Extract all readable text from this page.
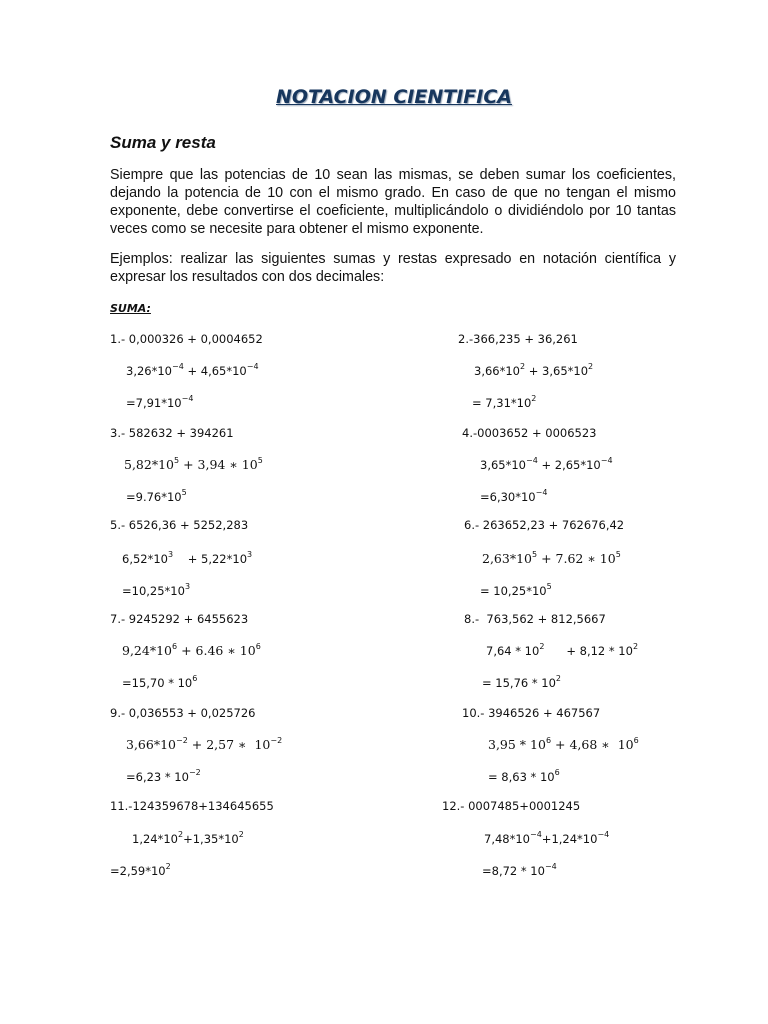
NOTACION CIENTIFICA
Suma y resta

Siempre que las potencias de 10 sean las mismas, se deben sumar los coeficientes, dejando la potencia de 10 con el mismo grado. En caso de que no tengan el mismo exponente, debe convertirse el coeficiente, multiplicándolo o dividiéndolo por 10 tantas veces como se necesite para obtener el mismo exponente.

Ejemplos: realizar las siguientes sumas y restas expresado en notación científica y expresar los resultados con dos decimales:

SUMA:
1.- 0,000326 + 0,0004652
$3,26*10^{-4} + 4,65*10^{-4}$
$=7,91*10^{-4}$
2.-366,235 + 36,261
$3,66*10^2 + 3,65*10^2$
= $7,31*10^2$
3.- 582632 + 394261
$5,82*10^5 + 3,94$ ∗ $10^5$
$=9.76*10^5$
4.-0003652 + 0006523
$3,65*10^{-4} + 2,65*10^{-4}$
$=6,30*10^{-4}$
5.- 6526,36 + 5252,283
$6,52*10^3$    + $5,22*10^3$
$=10,25*10^3$
6.- 263652,23 + 762676,42
$2,63*10^5 + 7.62$ ∗ $10^5$
= $10,25*10^5$
7.- 9245292 + 6455623
$9,24*10^6 + 6.46$ ∗ $10^6$
$=15,70 * 10^6$
8.-  763,562 + 812,5667
$7,64 * 10^2$      + $8,12 * 10^2$
= $15,76 * 10^2$
9.- 0,036553 + 0,025726
$3,66*10^{-2} + 2,57$ ∗  $10^{-2}$
$=6,23 * 10^{-2}$
10.- 3946526 + 467567
$3,95 * 10^6 + 4,68$ ∗  $10^6$
= $8,63 * 10^6$
11.-124359678+134645655
$1,24*10^2+1,35*10^2$
$=2,59*10^2$
12.- 0007485+0001245
$7,48*10^{-4}+1,24*10^{-4}$
$=8,72 * 10^{-4}$
